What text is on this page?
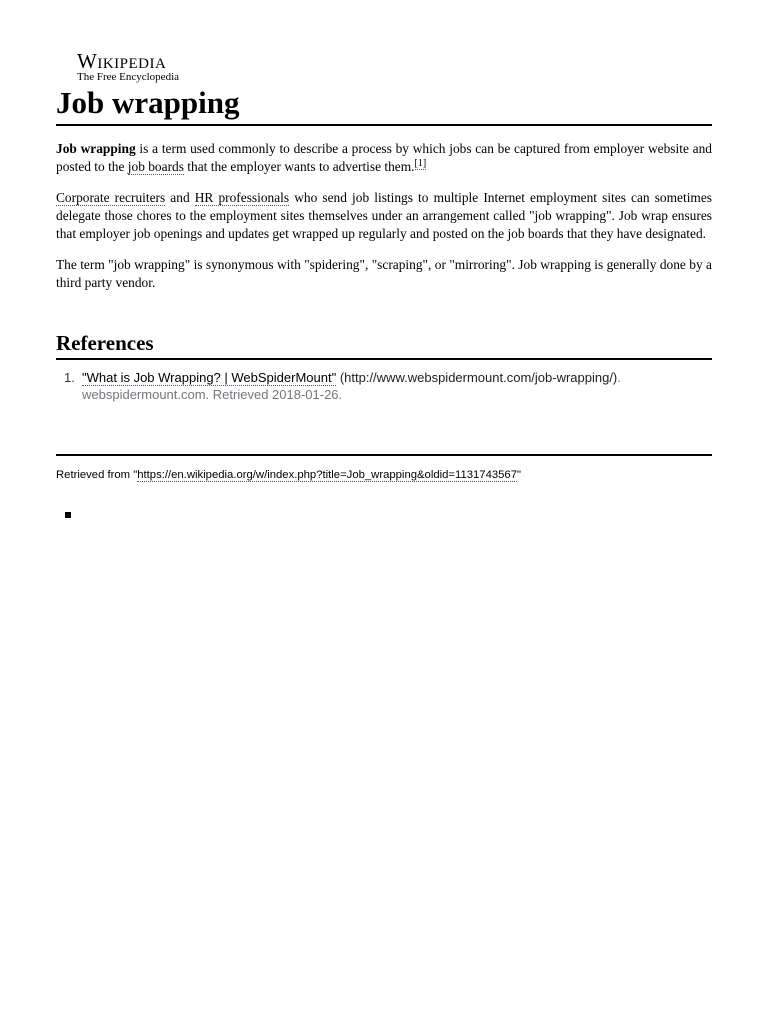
Wikipedia
The Free Encyclopedia
Job wrapping

Job wrapping is a term used commonly to describe a process by which jobs can be captured from employer website and posted to the job boards that the employer wants to advertise them.[1]

Corporate recruiters and HR professionals who send job listings to multiple Internet employment sites can sometimes delegate those chores to the employment sites themselves under an arrangement called "job wrapping". Job wrap ensures that employer job openings and updates get wrapped up regularly and posted on the job boards that they have designated.

The term "job wrapping" is synonymous with "spidering", "scraping", or "mirroring". Job wrapping is generally done by a third party vendor.

References
1. "What is Job Wrapping? | WebSpiderMount" (http://www.webspidermount.com/job-wrapping/). webspidermount.com. Retrieved 2018-01-26.
Retrieved from "https://en.wikipedia.org/w/index.php?title=Job_wrapping&oldid=1131743567"
